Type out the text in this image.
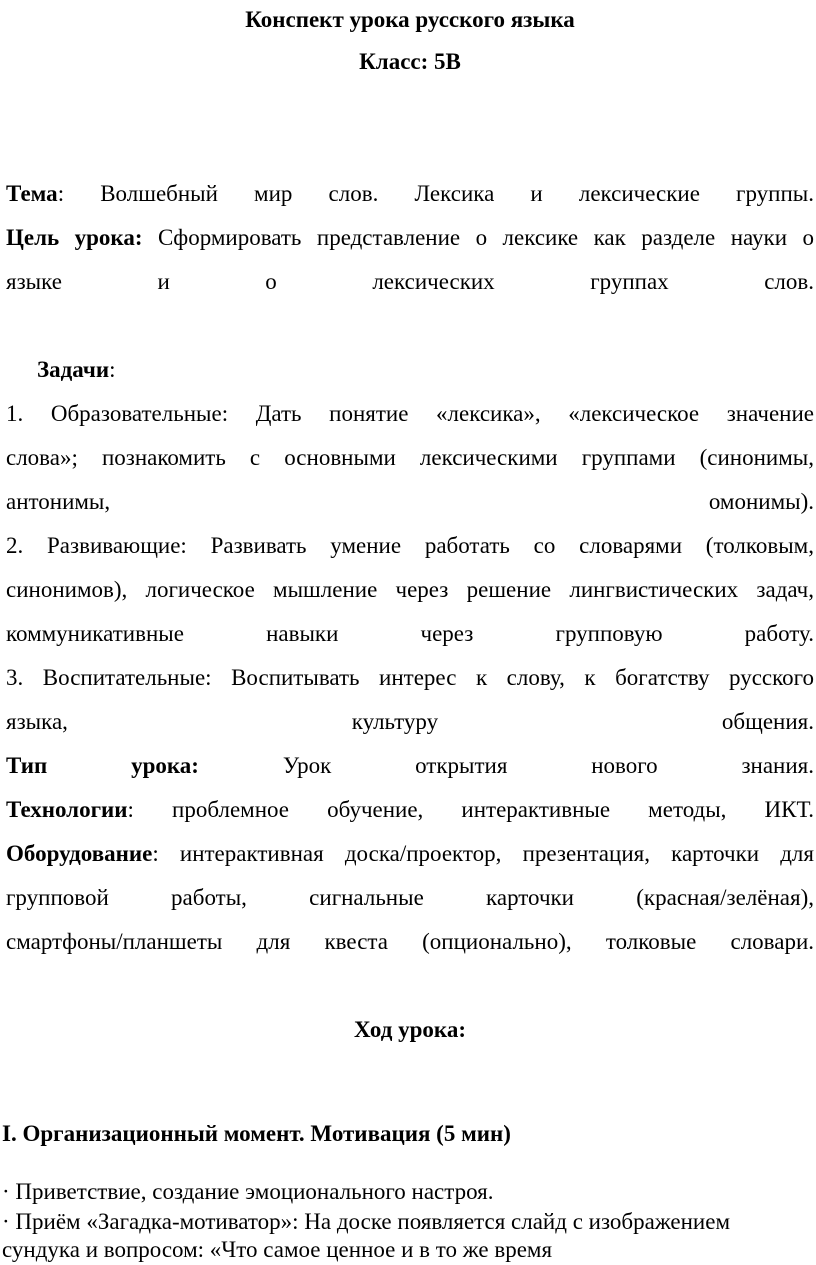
Конспект урока русского языка
Класс: 5В
Тема: Волшебный мир слов. Лексика и лексические группы.
Цель урока: Сформировать представление о лексике как разделе науки о
языке и о лексических группах слов.
Задачи:
1. Образовательные: Дать понятие «лексика», «лексическое значение
слова»; познакомить с основными лексическими группами (синонимы,
антонимы, омонимы).
2. Развивающие: Развивать умение работать со словарями (толковым,
синонимов), логическое мышление через решение лингвистических задач,
коммуникативные навыки через групповую работу.
3. Воспитательные: Воспитывать интерес к слову, к богатству русского
языка, культуру общения.
Тип урока:	Урок открытия нового знания.
Технологии: проблемное обучение, интерактивные методы, ИКТ.
Оборудование: интерактивная доска/проектор, презентация, карточки для
групповой работы, сигнальные карточки (красная/зелёная),
смартфоны/планшеты для квеста (опционально), толковые словари.
Ход урока:
I. Организационный момент. Мотивация (5 мин)
· Приветствие, создание эмоционального настроя.
· Приём «Загадка-мотиватор»: На доске появляется слайд с изображением
сундука и вопросом: «Что самое ценное и в то же время
